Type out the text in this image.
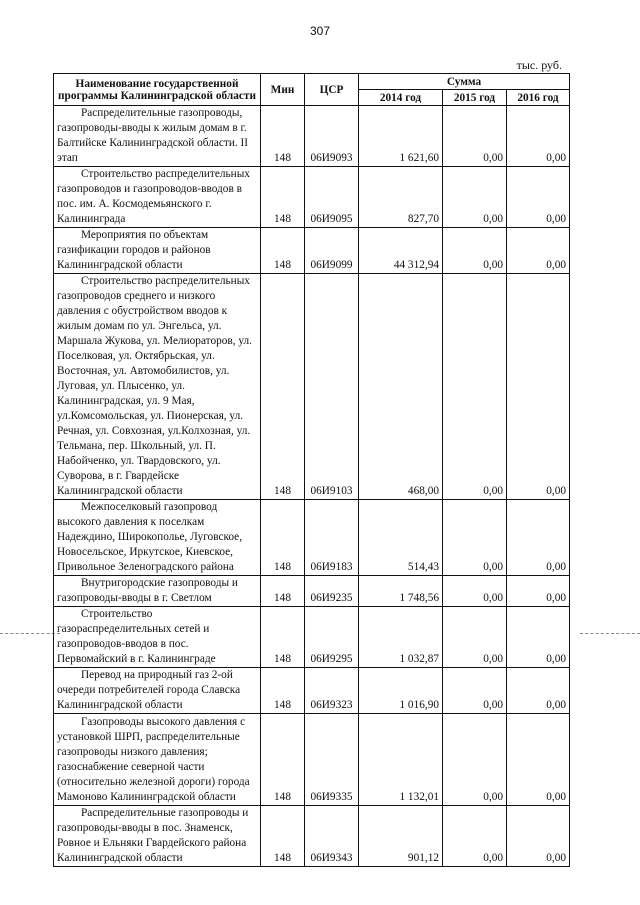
307
тыс. руб.
Наименование государственной программы Калининградской области	Мин	ЦСР	Сумма		
			2014 год	2015 год	2016 год
Распределительные газопроводы, газопроводы-вводы к жилым домам в г. Балтийске Калининградской области. II этап	148	06И9093	1 621,60	0,00	0,00
Строительство распределительных газопроводов и газопроводов-вводов в пос. им. А. Космодемьянского г. Калининграда	148	06И9095	827,70	0,00	0,00
Мероприятия по объектам газификации городов и районов Калининградской области	148	06И9099	44 312,94	0,00	0,00
Строительство распределительных газопроводов среднего и низкого давления с обустройством вводов к жилым домам по ул. Энгельса, ул. Маршала Жукова, ул. Мелиораторов, ул. Поселковая, ул. Октябрьская, ул. Восточная, ул. Автомобилистов, ул. Луговая, ул. Плысенко, ул. Калининградская, ул. 9 Мая, ул.Комсомольская, ул. Пионерская, ул. Речная, ул. Совхозная, ул.Колхозная, ул. Тельмана, пер. Школьный, ул. П. Набойченко, ул. Твардовского, ул. Суворова, в г. Гвардейске Калининградской области	148	06И9103	468,00	0,00	0,00
Межпоселковый газопровод высокого давления к поселкам Надеждино, Широкополье, Луговское, Новосельское, Иркутское, Киевское, Привольное Зеленоградского района	148	06И9183	514,43	0,00	0,00
Внутригородские газопроводы и газопроводы-вводы в г. Светлом	148	06И9235	1 748,56	0,00	0,00
Строительство газораспределительных сетей и газопроводов-вводов в пос. Первомайский в г. Калининграде	148	06И9295	1 032,87	0,00	0,00
Перевод на природный газ 2-ой очереди потребителей города Славска Калининградской области	148	06И9323	1 016,90	0,00	0,00
Газопроводы высокого давления с установкой ШРП, распределительные газопроводы низкого давления; газоснабжение северной части (относительно железной дороги) города Мамоново Калининградской области	148	06И9335	1 132,01	0,00	0,00
Распределительные газопроводы и газопроводы-вводы в пос. Знаменск, Ровное и Ельняки Гвардейского района Калининградской области	148	06И9343	901,12	0,00	0,00
